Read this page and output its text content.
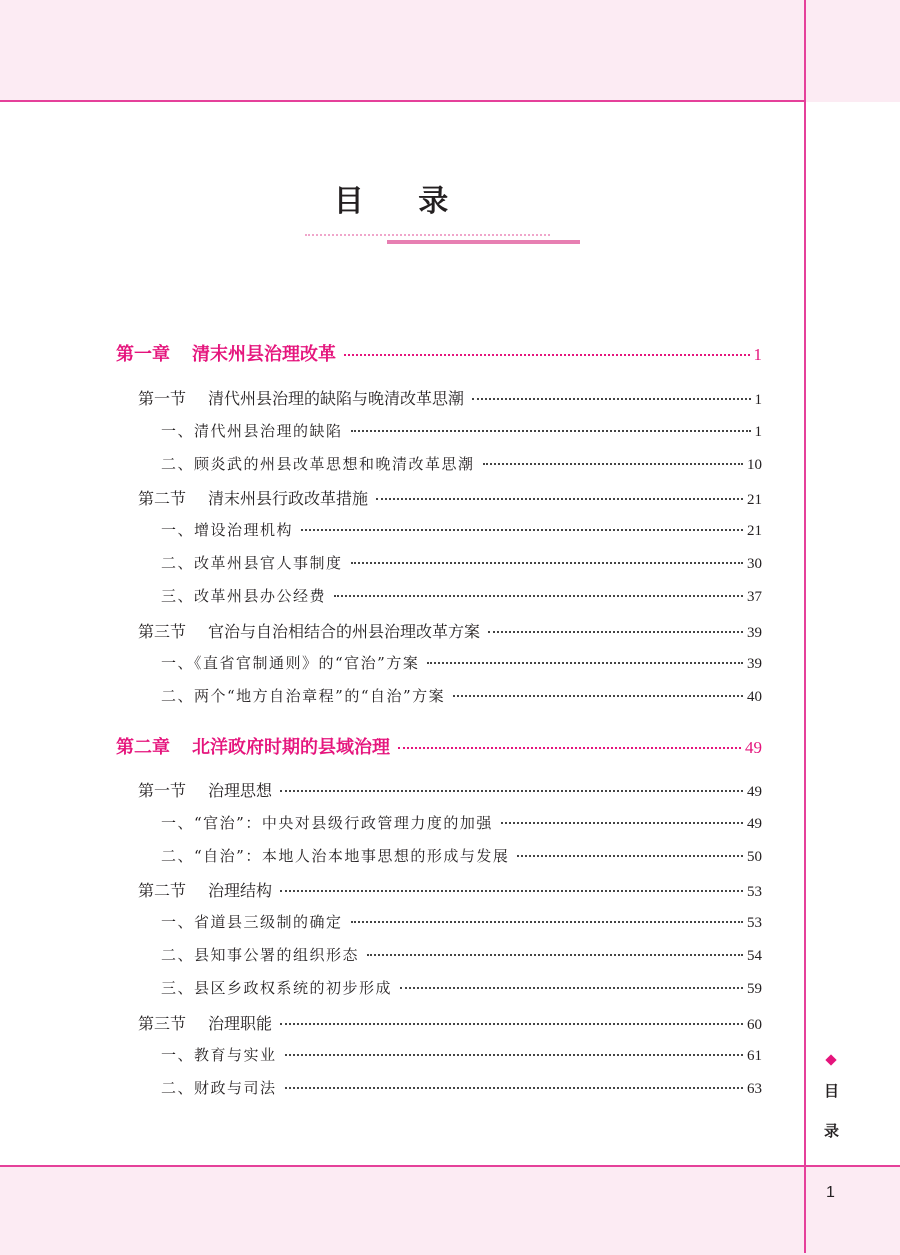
目 录
第一章 清末州县治理改革	1
第一节 清代州县治理的缺陷与晚清改革思潮	1
一、清代州县治理的缺陷	1
二、顾炎武的州县改革思想和晚清改革思潮	10
第二节 清末州县行政改革措施	21
一、增设治理机构	21
二、改革州县官人事制度	30
三、改革州县办公经费	37
第三节 官治与自治相结合的州县治理改革方案	39
一、《直省官制通则》的“官治”方案	39
二、两个“地方自治章程”的“自治”方案	40
第二章 北洋政府时期的县域治理	49
第一节 治理思想	49
一、“官治”：中央对县级行政管理力度的加强	49
二、“自治”：本地人治本地事思想的形成与发展	50
第二节 治理结构	53
一、省道县三级制的确定	53
二、县知事公署的组织形态	54
三、县区乡政权系统的初步形成	59
第三节 治理职能	60
一、教育与实业	61
二、财政与司法	63	目
录
1
